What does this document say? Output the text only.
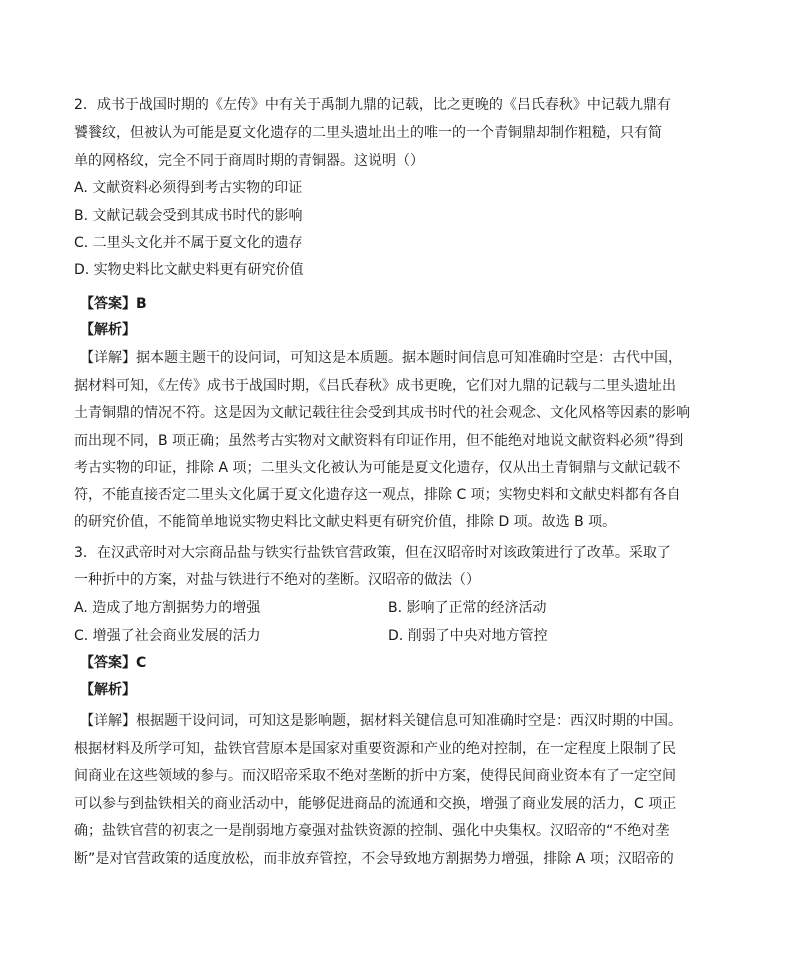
2．成书于战国时期的《左传》中有关于禹制九鼎的记载，比之更晚的《吕氏春秋》中记载九鼎有
饕餮纹，但被认为可能是夏文化遗存的二里头遗址出土的唯一的一个青铜鼎却制作粗糙，只有简
单的网格纹，完全不同于商周时期的青铜器。这说明（）
A. 文献资料必须得到考古实物的印证
B. 文献记载会受到其成书时代的影响
C. 二里头文化并不属于夏文化的遗存
D. 实物史料比文献史料更有研究价值
【答案】B
【解析】
【详解】据本题主题干的设问词，可知这是本质题。据本题时间信息可知准确时空是：古代中国，
据材料可知，《左传》成书于战国时期，《吕氏春秋》成书更晚，它们对九鼎的记载与二里头遗址出
土青铜鼎的情况不符。这是因为文献记载往往会受到其成书时代的社会观念、文化风格等因素的影响
而出现不同，B 项正确；虽然考古实物对文献资料有印证作用，但不能绝对地说文献资料必须”得到
考古实物的印证，排除 A 项；二里头文化被认为可能是夏文化遗存，仅从出土青铜鼎与文献记载不
符，不能直接否定二里头文化属于夏文化遗存这一观点，排除 C 项；实物史料和文献史料都有各自
的研究价值，不能简单地说实物史料比文献史料更有研究价值，排除 D 项。故选 B 项。
3．在汉武帝时对大宗商品盐与铁实行盐铁官营政策，但在汉昭帝时对该政策进行了改革。采取了
一种折中的方案，对盐与铁进行不绝对的垄断。汉昭帝的做法（）
A. 造成了地方割据势力的增强	B. 影响了正常的经济活动
C. 增强了社会商业发展的活力	D. 削弱了中央对地方管控
【答案】C
【解析】
【详解】根据题干设问词，可知这是影响题，据材料关键信息可知准确时空是：西汉时期的中国。
根据材料及所学可知，盐铁官营原本是国家对重要资源和产业的绝对控制，在一定程度上限制了民
间商业在这些领域的参与。而汉昭帝采取不绝对垄断的折中方案，使得民间商业资本有了一定空间
可以参与到盐铁相关的商业活动中，能够促进商品的流通和交换，增强了商业发展的活力，C 项正
确；盐铁官营的初衷之一是削弱地方豪强对盐铁资源的控制、强化中央集权。汉昭帝的“不绝对垄
断”是对官营政策的适度放松，而非放弃管控，不会导致地方割据势力增强，排除 A 项；汉昭帝的
